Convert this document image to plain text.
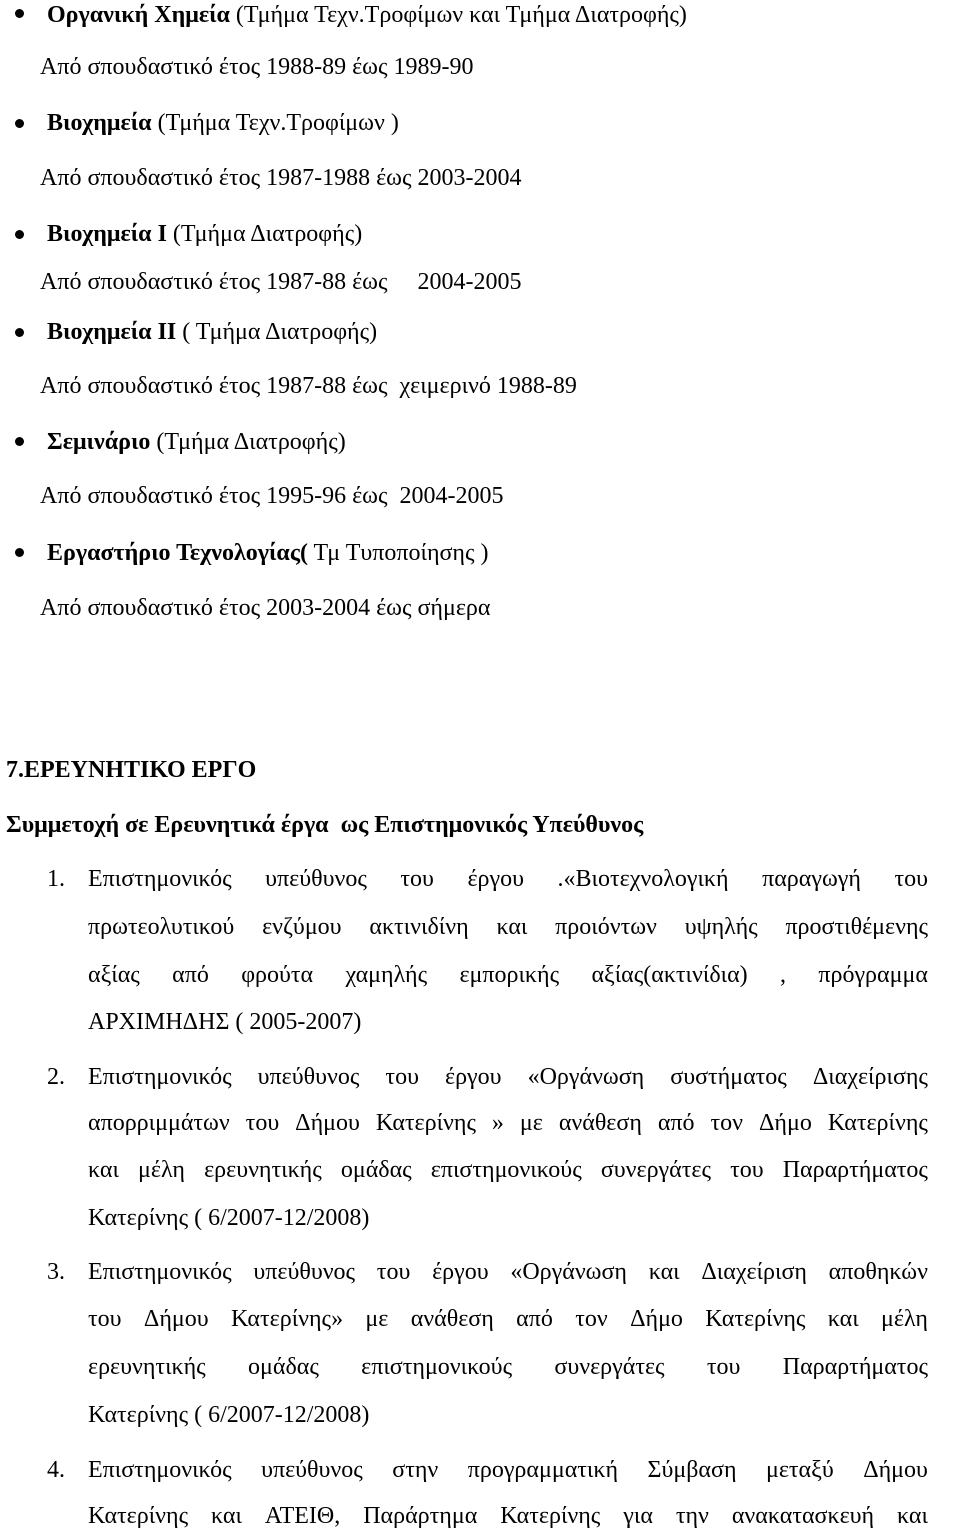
Οργανική Χημεία (Τμήμα Τεχν.Τροφίμων και Τμήμα Διατροφής)
Από σπουδαστικό έτος 1988-89 έως 1989-90
Βιοχημεία (Τμήμα Τεχν.Τροφίμων )
Από σπουδαστικό έτος 1987-1988 έως 2003-2004
Βιοχημεία Ι (Τμήμα Διατροφής)
Από σπουδαστικό έτος 1987-88 έως     2004-2005
Βιοχημεία ΙΙ ( Τμήμα Διατροφής)
Από σπουδαστικό έτος 1987-88 έως  χειμερινό 1988-89
Σεμινάριο (Τμήμα Διατροφής)
Από σπουδαστικό έτος 1995-96 έως  2004-2005
Εργαστήριο Τεχνολογίας( Τμ Τυποποίησης )
Από σπουδαστικό έτος 2003-2004 έως σήμερα
7.ΕΡΕΥΝΗΤΙΚΟ ΕΡΓΟ
Συμμετοχή σε Ερευνητικά έργα  ως Επιστημονικός Υπεύθυνος
1. Επιστημονικός υπεύθυνος του έργου .«Βιοτεχνολογική παραγωγή του
πρωτεολυτικού ενζύμου ακτινιδίνη και προιόντων υψηλής προστιθέμενης
αξίας από φρούτα χαμηλής εμπορικής αξίας(ακτινίδια) , πρόγραμμα
ΑΡΧΙΜΗΔΗΣ ( 2005-2007)
2. Επιστημονικός υπεύθυνος του έργου «Οργάνωση συστήματος Διαχείρισης
απορριμμάτων του Δήμου Κατερίνης » με ανάθεση από τον Δήμο Κατερίνης
και μέλη ερευνητικής ομάδας επιστημονικούς συνεργάτες του Παραρτήματος
Κατερίνης ( 6/2007-12/2008)
3. Επιστημονικός υπεύθυνος του έργου «Οργάνωση και Διαχείριση αποθηκών
του Δήμου Κατερίνης» με ανάθεση από τον Δήμο Κατερίνης και μέλη
ερευνητικής ομάδας επιστημονικούς συνεργάτες του Παραρτήματος
Κατερίνης ( 6/2007-12/2008)
4. Επιστημονικός υπεύθυνος στην προγραμματική Σύμβαση μεταξύ Δήμου
Κατερίνης και ΑΤΕΙΘ, Παράρτημα Κατερίνης για την ανακατασκευή και
